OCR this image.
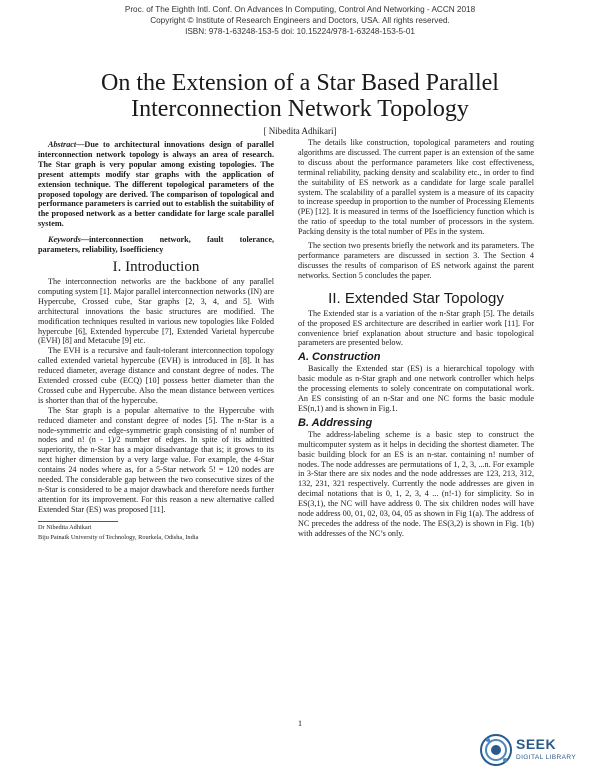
Proc. of The Eighth Intl. Conf. On Advances In Computing, Control And Networking - ACCN 2018
Copyright © Institute of Research Engineers and Doctors, USA. All rights reserved.
ISBN: 978-1-63248-153-5 doi: 10.15224/978-1-63248-153-5-01
On the Extension of a Star Based Parallel Interconnection Network Topology
[ Nibedita Adhikari]

Abstract—Due to architectural innovations design of parallel interconnection network topology is always an area of research. The Star graph is very popular among existing topologies. The present attempts modify star graphs with the application of extension technique. The different topological parameters of the proposed topology are derived. The comparison of topological and performance parameters is carried out to establish the suitability of the proposed network as a better candidate for large scale parallel system.

Keywords—interconnection network, fault tolerance, parameters, reliability, Isoefficiency

I. Introduction

The interconnection networks are the backbone of any parallel computing system [1]. Major parallel interconnection networks (IN) are Hypercube, Crossed cube, Star graphs [2, 3, 4, and 5]. With architectural innovations the basic structures are modified. The modification techniques resulted in various new topologies like Folded hypercube [6], Extended hypercube [7], Extended Varietal hypercube (EVH) [8] and Metacube [9] etc.

The EVH is a recursive and fault-tolerant interconnection topology called extended varietal hypercube (EVH) is introduced in [8]. It has reduced diameter, average distance and constant degree of nodes. The Extended crossed cube (ECQ) [10] possess better diameter than the Crossed cube and Hypercube. Also the mean distance between vertices is shorter than that of the hypercube.

The Star graph is a popular alternative to the Hypercube with reduced diameter and constant degree of nodes [5]. The n-Star is a node-symmetric and edge-symmetric graph consisting of n! number of nodes and n! (n - 1)/2 number of edges. In spite of its admitted superiority, the n-Star has a major disadvantage that is; it grows to its next higher dimension by a very large value. For example, the 4-Star contains 24 nodes where as, for a 5-Star network 5! = 120 nodes are needed. The considerable gap between the two consecutive sizes of the n-Star is considered to be a major drawback and therefore needs further attention for its improvement. For this reason a new alternative called Extended Star (ES) was proposed [11].

Dr Nibedita Adhikari

Biju Patnaik University of Technology, Rourkela, Odisha, India

The details like construction, topological parameters and routing algorithms are discussed. The current paper is an extension of the same to discuss about the performance parameters like cost effectiveness, terminal reliability, packing density and scalability etc., in order to find the suitability of ES network as a candidate for large scale parallel system. The scalability of a parallel system is a measure of its capacity to increase speedup in proportion to the number of Processing Elements (PE) [12]. It is measured in terms of the Isoefficiency function which is the ratio of speedup to the total number of processors in the system. Packing density is the total number of PEs in the system.

The section two presents briefly the network and its parameters. The performance parameters are discussed in section 3. The Section 4 discusses the results of comparison of ES network against the parent networks. Section 5 concludes the paper.

II. Extended Star Topology

The Extended star is a variation of the n-Star graph [5]. The details of the proposed ES architecture are described in earlier work [11]. For convenience brief explanation about structure and basic topological parameters are presented below.

A. Construction

Basically the Extended star (ES) is a hierarchical topology with basic module as n-Star graph and one network controller which helps the processing elements to solely concentrate on computational work. An ES consisting of an n-Star and one NC forms the basic module ES(n,1) and is shown in Fig.1.

B. Addressing

The address-labeling scheme is a basic step to construct the multicomputer system as it helps in deciding the shortest diameter. The basic building block for an ES is an n-star. containing n! number of nodes. The node addresses are permutations of 1, 2, 3, ...n. For example in 3-Star there are six nodes and the node addresses are 123, 213, 312, 132, 231, 321 respectively. Currently the node addresses are given in decimal notations that is 0, 1, 2, 3, 4 ... (n!-1) for simplicity. So in ES(3,1), the NC will have address 0. The six children nodes will have node address 00, 01, 02, 03, 04, 05 as shown in Fig 1(a). The address of NC precedes the address of the node. The ES(3,2) is shown in Fig. 1(b) with addresses of the NC’s only.

1
SEEK
DIGITAL LIBRARY
